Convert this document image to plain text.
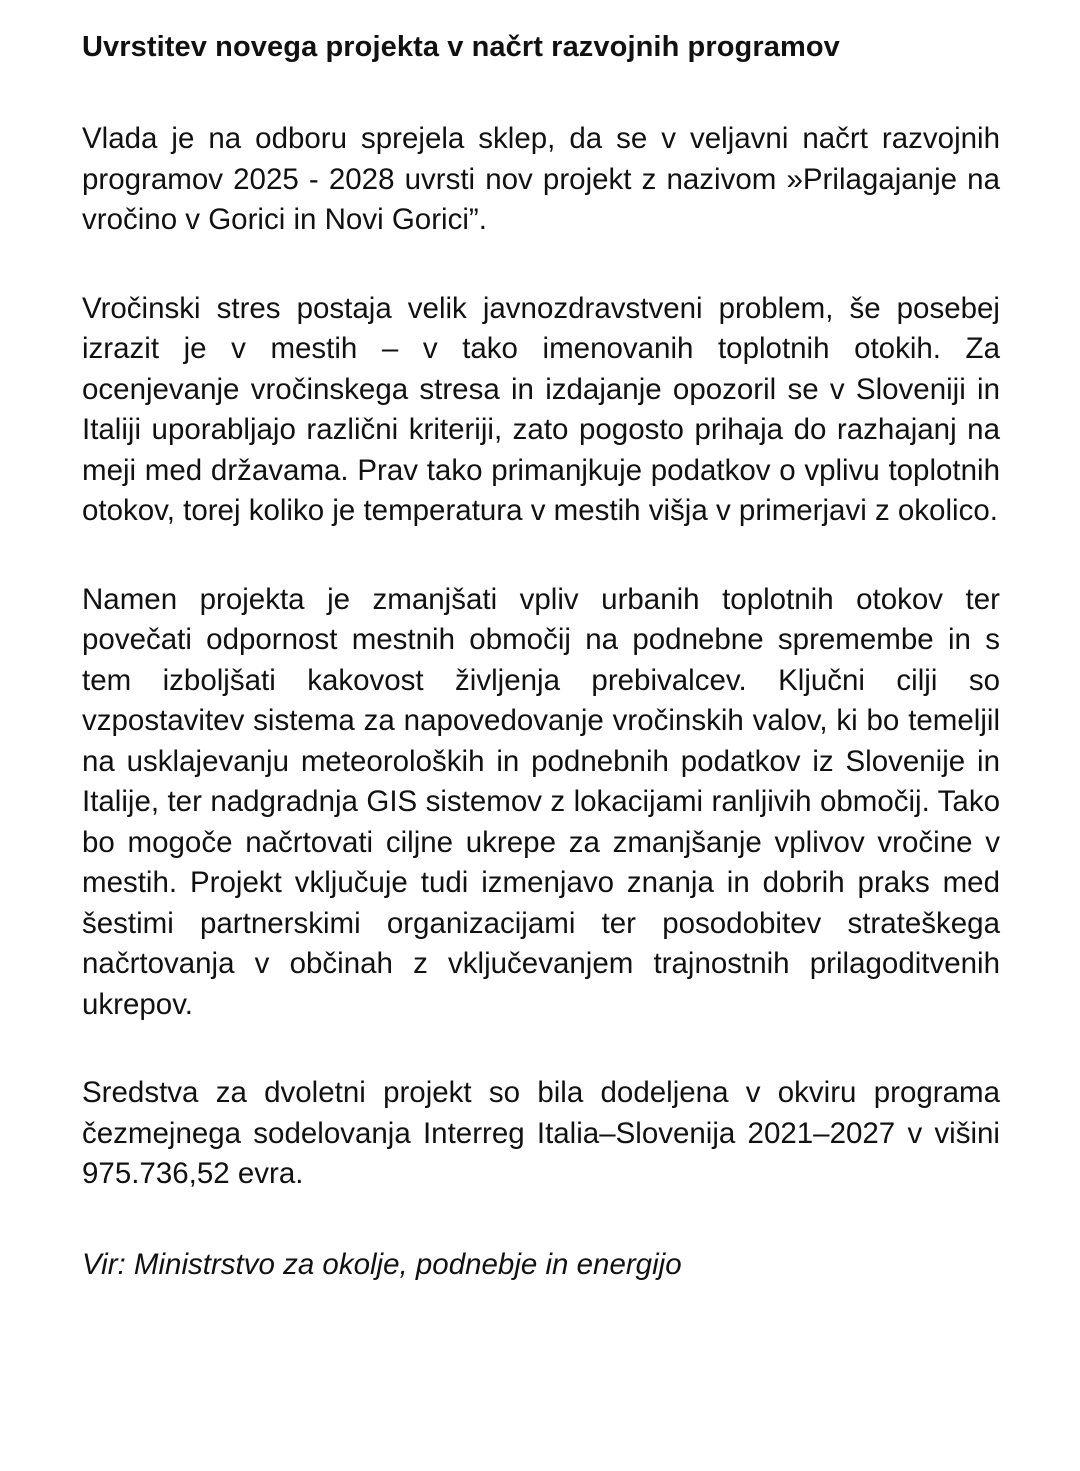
Uvrstitev novega projekta v načrt razvojnih programov

Vlada je na odboru sprejela sklep, da se v veljavni načrt razvojnih programov 2025 - 2028 uvrsti nov projekt z nazivom »Prilagajanje na vročino v Gorici in Novi Gorici”.

Vročinski stres postaja velik javnozdravstveni problem, še posebej izrazit je v mestih – v tako imenovanih toplotnih otokih. Za ocenjevanje vročinskega stresa in izdajanje opozoril se v Sloveniji in Italiji uporabljajo različni kriteriji, zato pogosto prihaja do razhajanj na meji med državama. Prav tako primanjkuje podatkov o vplivu toplotnih otokov, torej koliko je temperatura v mestih višja v primerjavi z okolico.

Namen projekta je zmanjšati vpliv urbanih toplotnih otokov ter povečati odpornost mestnih območij na podnebne spremembe in s tem izboljšati kakovost življenja prebivalcev. Ključni cilji so vzpostavitev sistema za napovedovanje vročinskih valov, ki bo temeljil na usklajevanju meteoroloških in podnebnih podatkov iz Slovenije in Italije, ter nadgradnja GIS sistemov z lokacijami ranljivih območij. Tako bo mogoče načrtovati ciljne ukrepe za zmanjšanje vplivov vročine v mestih. Projekt vključuje tudi izmenjavo znanja in dobrih praks med šestimi partnerskimi organizacijami ter posodobitev strateškega načrtovanja v občinah z vključevanjem trajnostnih prilagoditvenih ukrepov.

Sredstva za dvoletni projekt so bila dodeljena v okviru programa čezmejnega sodelovanja Interreg Italia–Slovenija 2021–2027 v višini 975.736,52 evra.

Vir: Ministrstvo za okolje, podnebje in energijo
